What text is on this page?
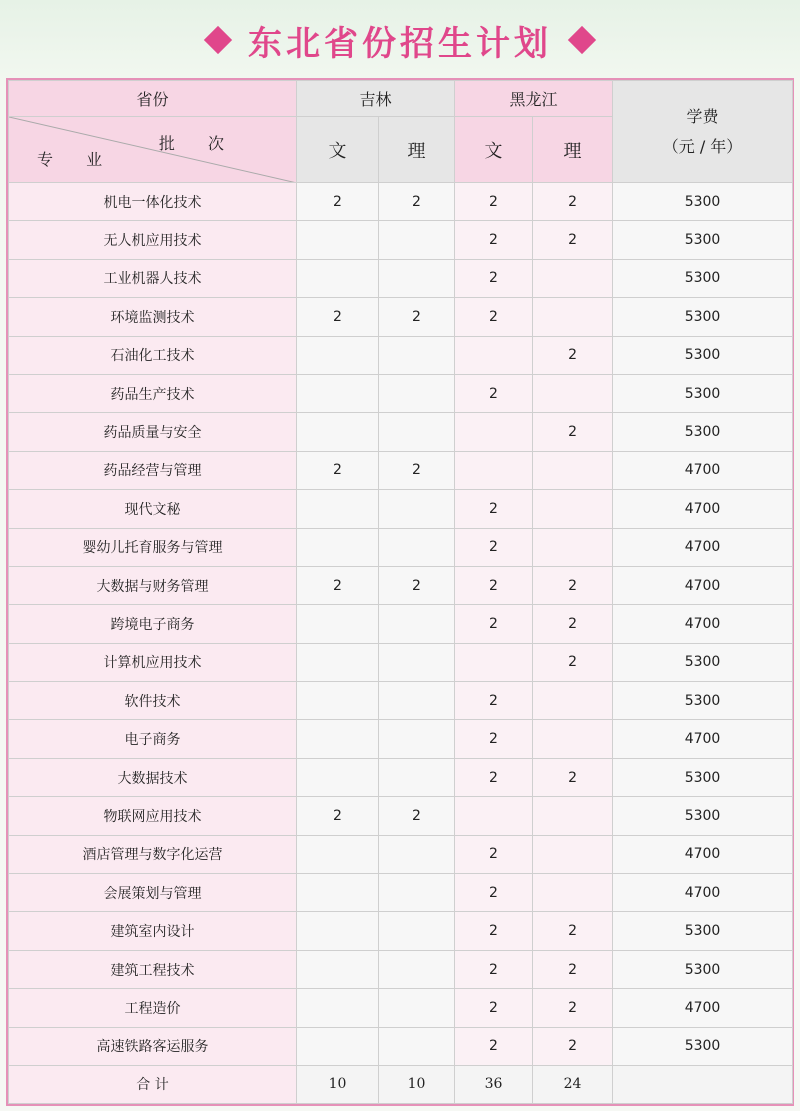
东北省份招生计划
省份	吉林		黑龙江		学费
（元 / 年）

批 次
专 业	文	理	文	理	
机电一体化技术	2	2	2	2	5300
无人机应用技术			2	2	5300
工业机器人技术			2		5300
环境监测技术	2	2	2		5300
石油化工技术				2	5300
药品生产技术			2		5300
药品质量与安全				2	5300
药品经营与管理	2	2			4700
现代文秘			2		4700
婴幼儿托育服务与管理			2		4700
大数据与财务管理	2	2	2	2	4700
跨境电子商务			2	2	4700
计算机应用技术				2	5300
软件技术			2		5300
电子商务			2		4700
大数据技术			2	2	5300
物联网应用技术	2	2			5300
酒店管理与数字化运营			2		4700
会展策划与管理			2		4700
建筑室内设计			2	2	5300
建筑工程技术			2	2	5300
工程造价			2	2	4700
高速铁路客运服务			2	2	5300
合 计	10	10	36	24	
